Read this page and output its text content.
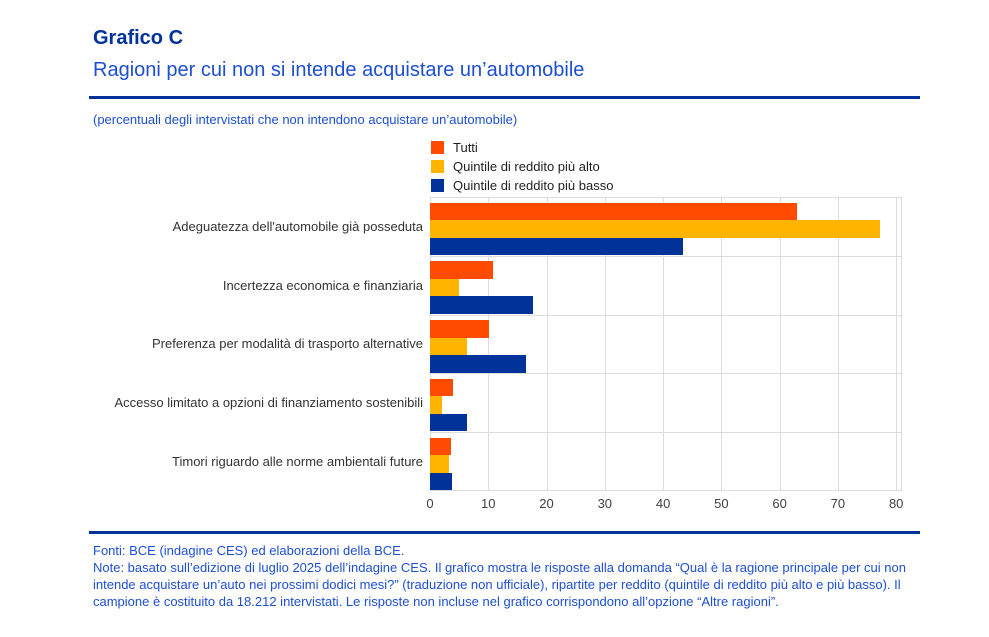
Grafico C
Ragioni per cui non si intende acquistare un’automobile
(percentuali degli intervistati che non intendono acquistare un’automobile)
Tutti
Quintile di reddito più alto
Quintile di reddito più basso
Adeguatezza dell'automobile già posseduta
Incertezza economica e finanziaria
Preferenza per modalità di trasporto alternative
Accesso limitato a opzioni di finanziamento sostenibili
Timori riguardo alle norme ambientali future
0	10	20	30	40	50	60	70	80

Fonti: BCE (indagine CES) ed elaborazioni della BCE.

Note: basato sull’edizione di luglio 2025 dell’indagine CES. Il grafico mostra le risposte alla domanda “Qual è la ragione principale per cui non intende acquistare un’auto nei prossimi dodici mesi?” (traduzione non ufficiale), ripartite per reddito (quintile di reddito più alto e più basso). Il campione è costituito da 18.212 intervistati. Le risposte non incluse nel grafico corrispondono all’opzione “Altre ragioni”.
